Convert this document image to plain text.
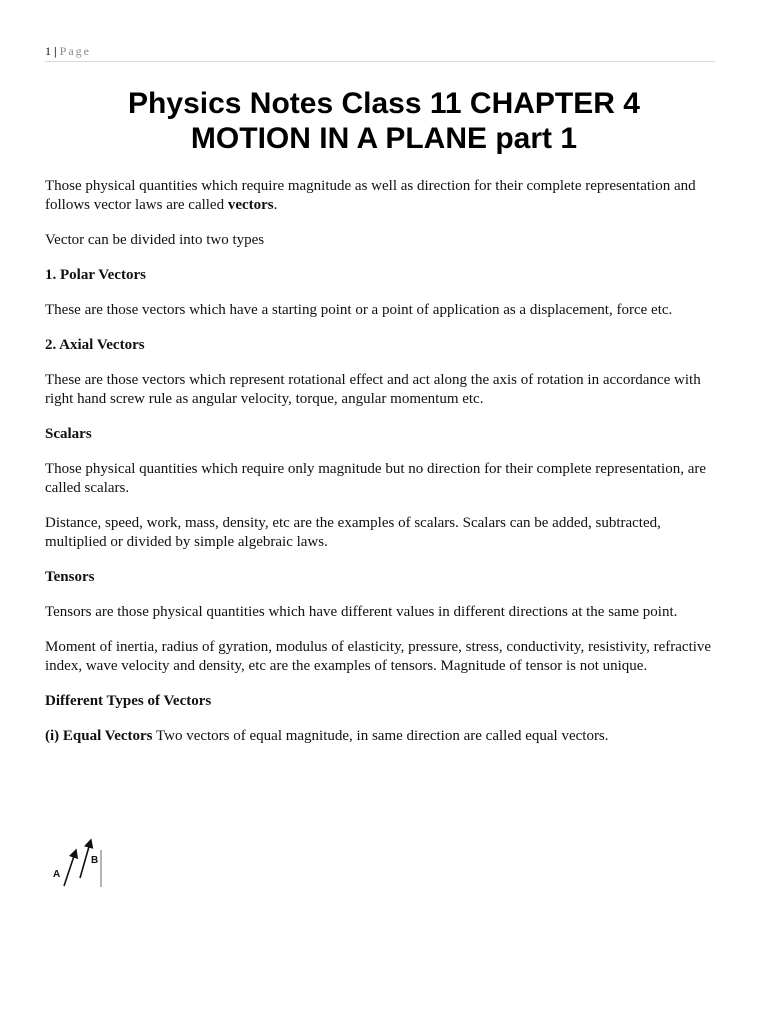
1 | Page
Physics Notes Class 11 CHAPTER 4
MOTION IN A PLANE part 1

Those physical quantities which require magnitude as well as direction for their complete representation and follows vector laws are called vectors.

Vector can be divided into two types

1. Polar Vectors

These are those vectors which have a starting point or a point of application as a displacement, force etc.

2. Axial Vectors

These are those vectors which represent rotational effect and act along the axis of rotation in accordance with right hand screw rule as angular velocity, torque, angular momentum etc.

Scalars

Those physical quantities which require only magnitude but no direction for their complete representation, are called scalars.

Distance, speed, work, mass, density, etc are the examples of scalars. Scalars can be added, subtracted, multiplied or divided by simple algebraic laws.

Tensors

Tensors are those physical quantities which have different values in different directions at the same point.

Moment of inertia, radius of gyration, modulus of elasticity, pressure, stress, conductivity, resistivity, refractive index, wave velocity and density, etc are the examples of tensors. Magnitude of tensor is not unique.

Different Types of Vectors

(i) Equal Vectors Two vectors of equal magnitude, in same direction are called equal vectors.

A
B
